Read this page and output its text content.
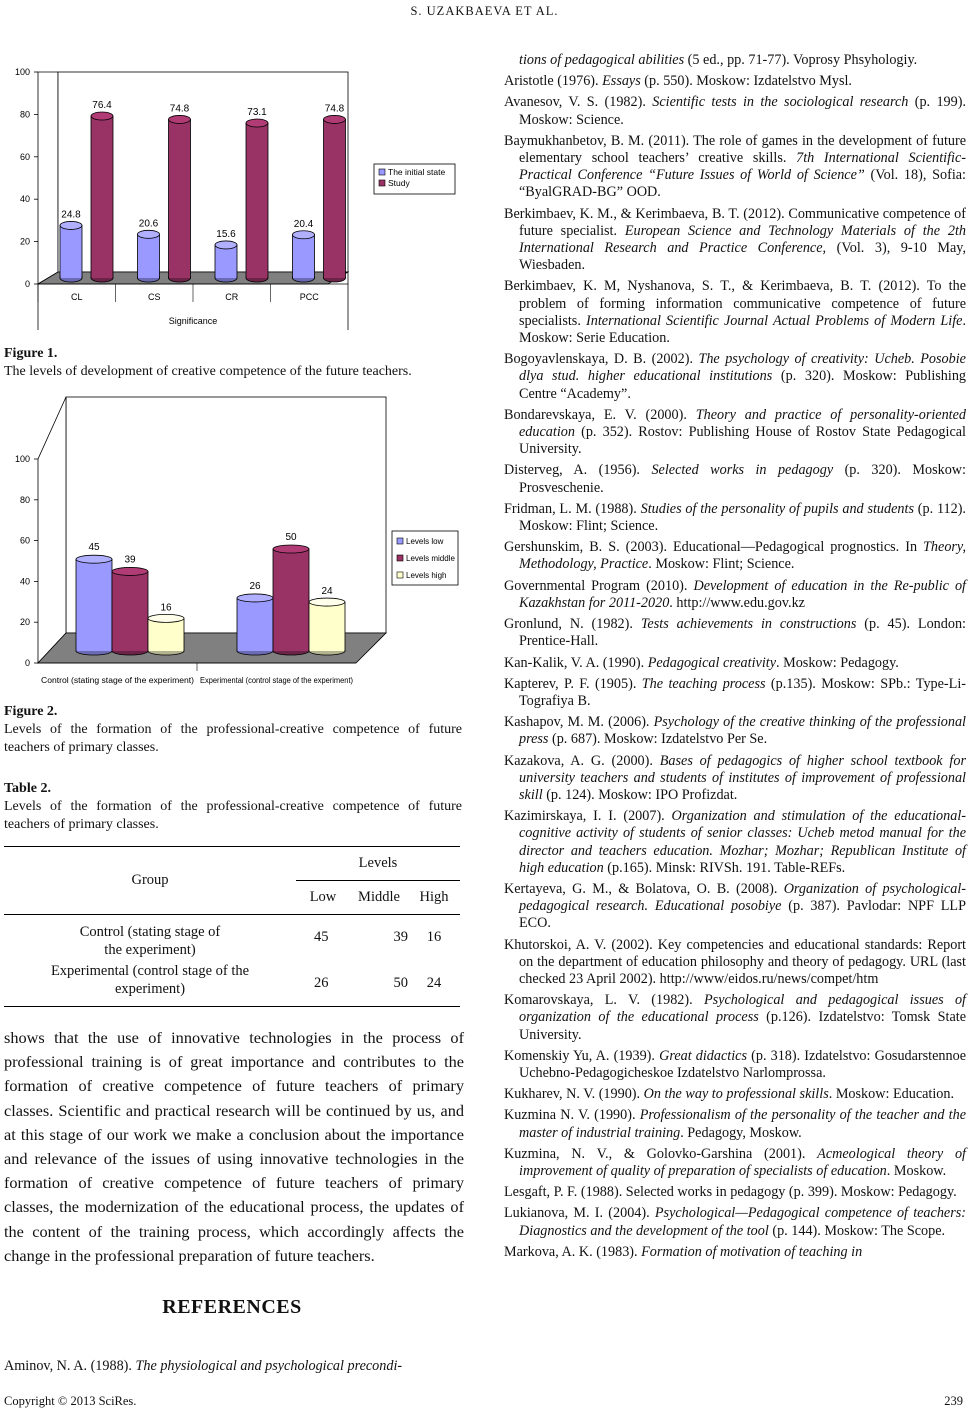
S. UZAKBAEVA ET AL.
0
20
40
60
80
100
24.8
76.4
CL
20.6
74.8
CS
15.6
73.1
CR
20.4
74.8
PCC
Significance
The initial state
Study
Figure 1.
The levels of development of creative competence of the future teachers.
0
20
40
60
80
100
45
39
16
Control (stating stage of the experiment)
26
50
24
Experimental (control stage of the experiment)
Levels low
Levels middle
Levels high
Figure 2.
Levels of the formation of the professional-creative competence of future teachers of primary classes.
Table 2.
Levels of the formation of the professional-creative competence of future teachers of primary classes.
Group	Levels		
	Low	Middle	High
Control (stating stage of
the experiment)	45	39	16
Experimental (control stage of the
experiment)	26	50	24
shows that the use of innovative technologies in the process of professional training is of great importance and contributes to the formation of creative competence of future teachers of primary classes. Scientific and practical research will be continued by us, and at this stage of our work we make a conclusion about the importance and relevance of the issues of using innovative technologies in the formation of creative competence of future teachers of primary classes, the modernization of the educational process, the updates of the content of the training process, which accordingly affects the change in the professional preparation of future teachers.
REFERENCES
Aminov, N. A. (1988). The physiological and psychological precondi-
tions of pedagogical abilities (5 ed., pp. 71-77). Voprosy Phsyhologiy.
Aristotle (1976). Essays (p. 550). Moskow: Izdatelstvo Mysl.
Avanesov, V. S. (1982). Scientific tests in the sociological research (p. 199). Moskow: Science.
Baymukhanbetov, B. M. (2011). The role of games in the development of future elementary school teachers’ creative skills. 7th International Scientific-Practical Conference “Future Issues of World of Science” (Vol. 18), Sofia: “ByalGRAD-BG” OOD.
Berkimbaev, K. M., & Kerimbaeva, B. T. (2012). Communicative competence of future specialist. European Science and Technology Materials of the 2th International Research and Practice Conference, (Vol. 3), 9-10 May, Wiesbaden.
Berkimbaev, K. M, Nyshanova, S. T., & Kerimbaeva, B. T. (2012). To the problem of forming information communicative competence of future specialists. International Scientific Journal Actual Problems of Modern Life. Moskow: Serie Education.
Bogoyavlenskaya, D. B. (2002). The psychology of creativity: Ucheb. Posobie dlya stud. higher educational institutions (p. 320). Moskow: Publishing Centre “Academy”.
Bondarevskaya, E. V. (2000). Theory and practice of personality-oriented education (p. 352). Rostov: Publishing House of Rostov State Pedagogical University.
Disterveg, A. (1956). Selected works in pedagogy (p. 320). Moskow: Prosveschenie.
Fridman, L. M. (1988). Studies of the personality of pupils and students (p. 112). Moskow: Flint; Science.
Gershunskim, B. S. (2003). Educational—Pedagogical prognostics. In Theory, Methodology, Practice. Moskow: Flint; Science.
Governmental Program (2010). Development of education in the Re-public of Kazakhstan for 2011-2020. http://www.edu.gov.kz
Gronlund, N. (1982). Tests achievements in constructions (p. 45). London: Prentice-Hall.
Kan-Kalik, V. A. (1990). Pedagogical creativity. Moskow: Pedagogy.
Kapterev, P. F. (1905). The teaching process (p.135). Moskow: SPb.: Type-Li-Tografiya B.
Kashapov, M. M. (2006). Psychology of the creative thinking of the professional press (p. 687). Moskow: Izdatelstvo Per Se.
Kazakova, A. G. (2000). Bases of pedagogics of higher school textbook for university teachers and students of institutes of improvement of professional skill (p. 124). Moskow: IPO Profizdat.
Kazimirskaya, I. I. (2007). Organization and stimulation of the educational-cognitive activity of students of senior classes: Ucheb metod manual for the director and teachers education. Mozhar; Mozhar; Republican Institute of high education (p.165). Minsk: RIVSh. 191. Table-REFs.
Kertayeva, G. M., & Bolatova, O. B. (2008). Organization of psychological-pedagogical research. Educational posobiye (p. 387). Pavlodar: NPF LLP ECO.
Khutorskoi, A. V. (2002). Key competencies and educational standards: Report on the department of education philosophy and theory of pedagogy. URL (last checked 23 April 2002). http://www/eidos.ru/news/compet/htm
Komarovskaya, L. V. (1982). Psychological and pedagogical issues of organization of the educational process (p.126). Izdatelstvo: Tomsk State University.
Komenskiy Yu, A. (1939). Great didactics (p. 318). Izdatelstvo: Gosudarstennoe Uchebno-Pedagogicheskoe Izdatelstvo Narlomprossa.
Kukharev, N. V. (1990). On the way to professional skills. Moskow: Education.
Kuzmina N. V. (1990). Professionalism of the personality of the teacher and the master of industrial training. Pedagogy, Moskow.
Kuzmina, N. V., & Golovko-Garshina (2001). Acmeological theory of improvement of quality of preparation of specialists of education. Moskow.
Lesgaft, P. F. (1988). Selected works in pedagogy (p. 399). Moskow: Pedagogy.
Lukianova, M. I. (2004). Psychological—Pedagogical competence of teachers: Diagnostics and the development of the tool (p. 144). Moskow: The Scope.
Markova, A. K. (1983). Formation of motivation of teaching in
Copyright © 2013 SciRes.	239
